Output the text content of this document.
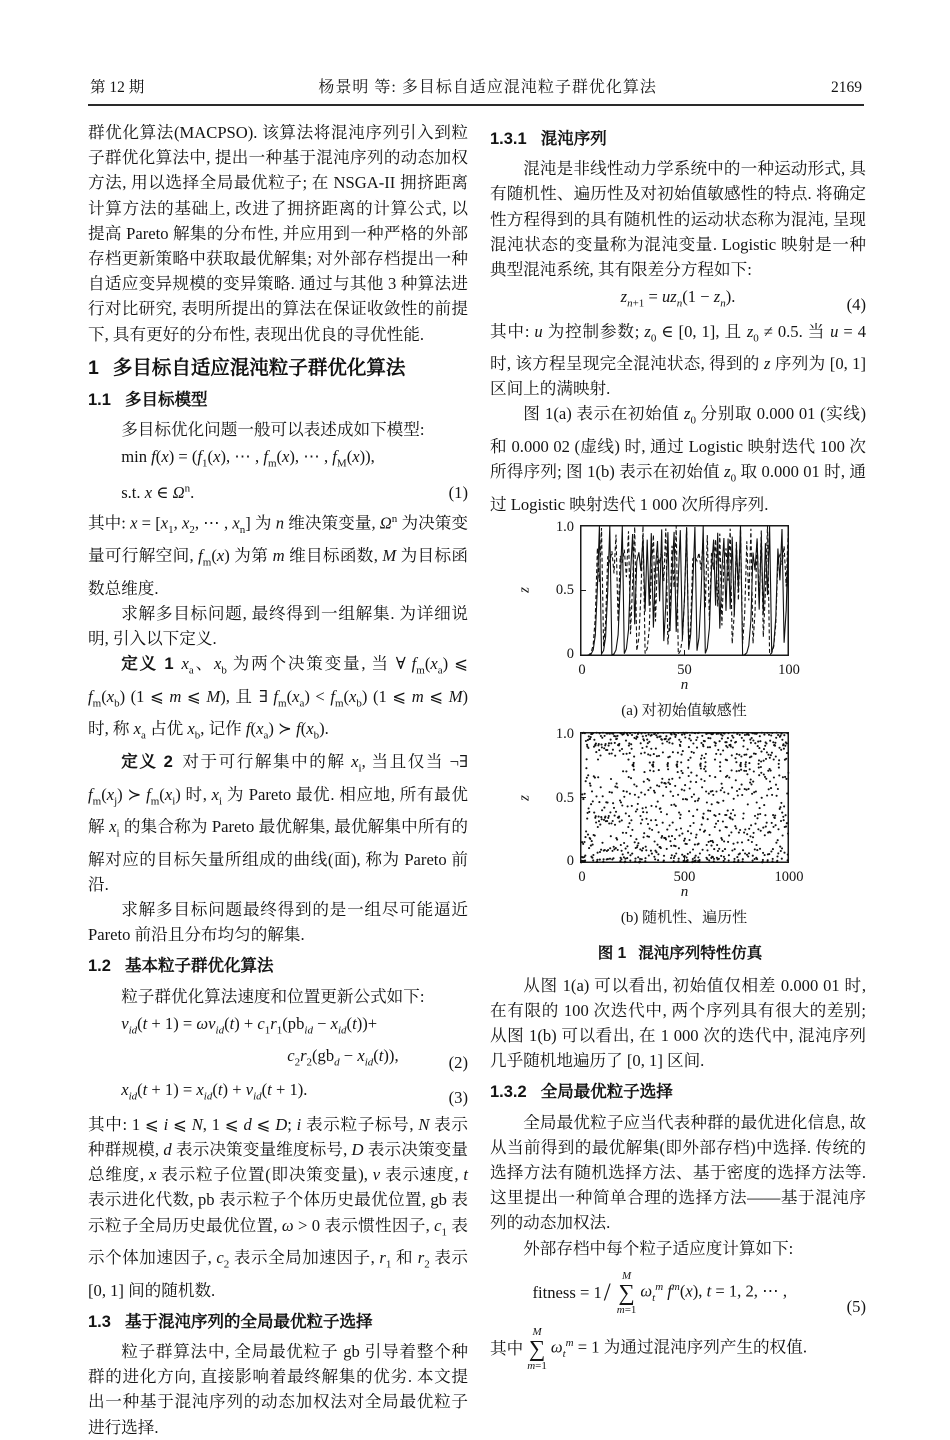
第 12 期	杨景明 等: 多目标自适应混沌粒子群优化算法	2169

群优化算法(MACPSO). 该算法将混沌序列引入到粒子群优化算法中, 提出一种基于混沌序列的动态加权方法, 用以选择全局最优粒子; 在 NSGA-II 拥挤距离计算方法的基础上, 改进了拥挤距离的计算公式, 以提高 Pareto 解集的分布性, 并应用到一种严格的外部存档更新策略中获取最优解集; 对外部存档提出一种自适应变异规模的变异策略. 通过与其他 3 种算法进行对比研究, 表明所提出的算法在保证收敛性的前提下, 具有更好的分布性, 表现出优良的寻优性能.

1 多目标自适应混沌粒子群优化算法
1.1 多目标模型

多目标优化问题一般可以表述成如下模型:

$\min f(x) = (f_1(x)$, ⋯ , $f_m(x)$, ⋯ , $f_M(x)$),
s.t. x ∈ $\Omega^n$.	(1)

其中: $x = [x_1$, $x_2$, ⋯ , $x_n$] 为 n 维决策变量, $\Omega^n$ 为决策变量可行解空间, $f_m(x)$ 为第 m 维目标函数, M 为目标函数总维度.

求解多目标问题, 最终得到一组解集. 为详细说明, 引入以下定义.

定义 1 $x_a$、$x_b$ 为两个决策变量, 当 ∀ $f_m(x_a)$ ⩽ $f_m(x_b)$ (1 ⩽ m ⩽ M), 且 ∃ $f_m(x_a) < f_m(x_b)$ (1 ⩽ m ⩽ M) 时, 称 $x_a$ 占优 $x_b$, 记作 $f(x_a)$ ≻ $f(x_b)$.

定义 2 对于可行解集中的解 $x_i$, 当且仅当 ¬∃ $f_m(x_j)$ ≻ $f_m(x_i)$ 时, $x_i$ 为 Pareto 最优. 相应地, 所有最优解 $x_i$ 的集合称为 Pareto 最优解集, 最优解集中所有的解对应的目标矢量所组成的曲线(面), 称为 Pareto 前沿.

求解多目标问题最终得到的是一组尽可能逼近 Pareto 前沿且分布均匀的解集.

1.2 基本粒子群优化算法

粒子群优化算法速度和位置更新公式如下:

$v_{id}(t + 1) = \omega v_{id}(t) + c_1r_1(pb_{id} - x_{id}(t))+$
$c_2r_2(gb_d - x_{id}(t))$,	(2)
$x_{id}(t + 1) = x_{id}(t) + v_{id}(t + 1)$.	(3)

其中: 1 ⩽ i ⩽ N, 1 ⩽ d ⩽ D; i 表示粒子标号, N 表示种群规模, d 表示决策变量维度标号, D 表示决策变量总维度, x 表示粒子位置(即决策变量), v 表示速度, t 表示进化代数, pb 表示粒子个体历史最优位置, gb 表示粒子全局历史最优位置, ω > 0 表示惯性因子, $c_1$ 表示个体加速因子, $c_2$ 表示全局加速因子, $r_1$ 和 $r_2$ 表示 [0, 1] 间的随机数.

1.3 基于混沌序列的全局最优粒子选择

粒子群算法中, 全局最优粒子 gb 引导着整个种群的进化方向, 直接影响着最终解集的优劣. 本文提出一种基于混沌序列的动态加权法对全局最优粒子进行选择.

1.3.1 混沌序列

混沌是非线性动力学系统中的一种运动形式, 具有随机性、遍历性及对初始值敏感性的特点. 将确定性方程得到的具有随机性的运动状态称为混沌, 呈现混沌状态的变量称为混沌变量. Logistic 映射是一种典型混沌系统, 其有限差分方程如下:

$z_{n+1} = uz_n(1 - z_n)$.	(4)

其中: u 为控制参数; $z_0$ ∈ [0, 1], 且 $z_0 \ne 0.5$. 当 u = 4 时, 该方程呈现完全混沌状态, 得到的 z 序列为 [0, 1] 区间上的满映射.

图 1(a) 表示在初始值 $z_0$ 分别取 0.000 01 (实线) 和 0.000 02 (虚线) 时, 通过 Logistic 映射迭代 100 次所得序列; 图 1(b) 表示在初始值 $z_0$ 取 0.000 01 时, 通过 Logistic 映射迭代 1 000 次所得序列.

z
1.0
0.5
0
0	50	100
n
(a) 对初始值敏感性
z
1.0
0.5
0
0	500	1000
n
(b) 随机性、遍历性
图 1 混沌序列特性仿真

从图 1(a) 可以看出, 初始值仅相差 0.000 01 时, 在有限的 100 次迭代中, 两个序列具有很大的差别; 从图 1(b) 可以看出, 在 1 000 次的迭代中, 混沌序列几乎随机地遍历了 [0, 1] 区间.

1.3.2 全局最优粒子选择

全局最优粒子应当代表种群的最优进化信息, 故从当前得到的最优解集(即外部存档)中选择. 传统的选择方法有随机选择方法、基于密度的选择方法等. 这里提出一种简单合理的选择方法——基于混沌序列的动态加权法.

外部存档中每个粒子适应度计算如下:

fitness = 1 /
M
∑
m=1
$\omega_t^m$ $f^m(x)$, t = 1, 2, ⋯ ,
(5)

其中
M
∑
m=1
$\omega_t^m = 1$ 为通过混沌序列产生的权值.
